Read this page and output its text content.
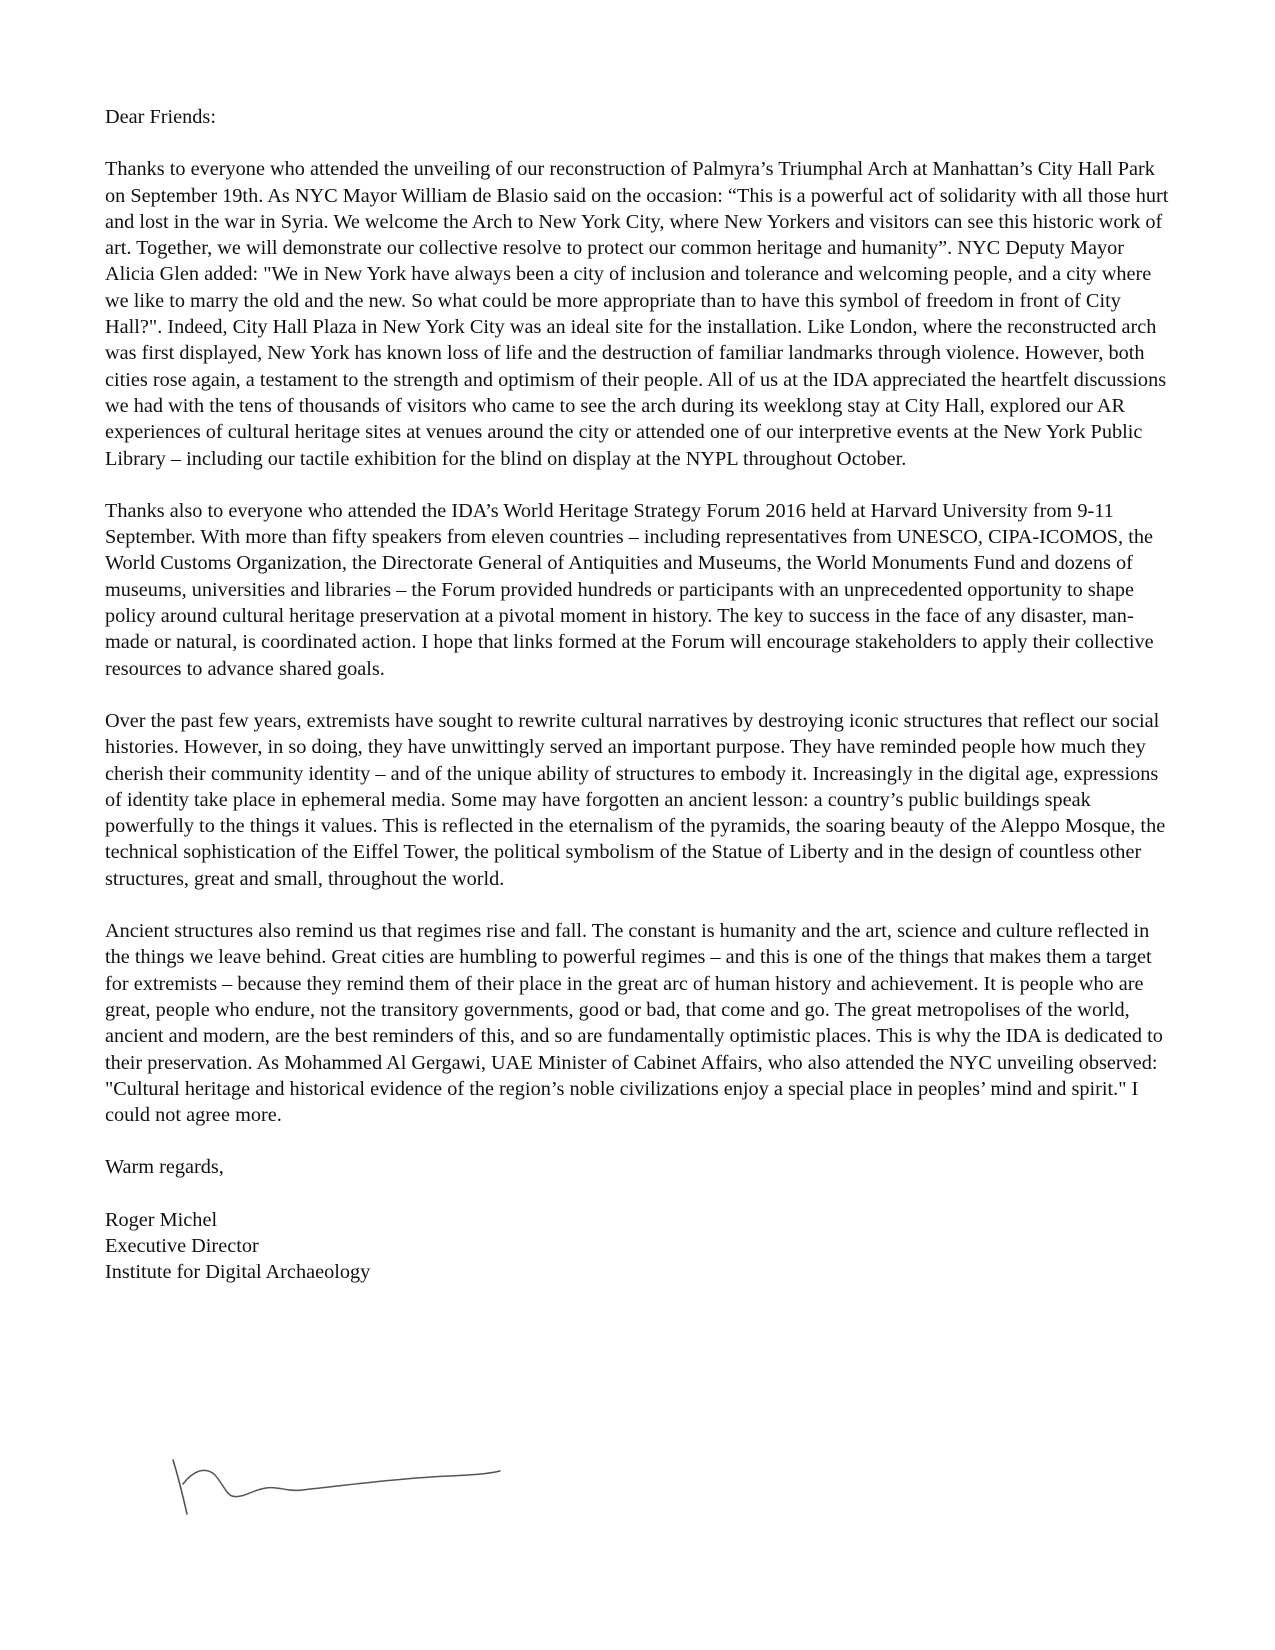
Dear Friends:

Thanks to everyone who attended the unveiling of our reconstruction of Palmyra’s Triumphal Arch at Manhattan’s City Hall Park on September 19th. As NYC Mayor William de Blasio said on the occasion: “This is a powerful act of solidarity with all those hurt and lost in the war in Syria. We welcome the Arch to New York City, where New Yorkers and visitors can see this historic work of art. Together, we will demonstrate our collective resolve to protect our common heritage and humanity”. NYC Deputy Mayor Alicia Glen added: "We in New York have always been a city of inclusion and tolerance and welcoming people, and a city where we like to marry the old and the new. So what could be more appropriate than to have this symbol of freedom in front of City Hall?". Indeed, City Hall Plaza in New York City was an ideal site for the installation. Like London, where the reconstructed arch was first displayed, New York has known loss of life and the destruction of familiar landmarks through violence. However, both cities rose again, a testament to the strength and optimism of their people. All of us at the IDA appreciated the heartfelt discussions we had with the tens of thousands of visitors who came to see the arch during its weeklong stay at City Hall, explored our AR experiences of cultural heritage sites at venues around the city or attended one of our interpretive events at the New York Public Library – including our tactile exhibition for the blind on display at the NYPL throughout October.

Thanks also to everyone who attended the IDA’s World Heritage Strategy Forum 2016 held at Harvard University from 9-11 September. With more than fifty speakers from eleven countries – including representatives from UNESCO, CIPA-ICOMOS, the World Customs Organization, the Directorate General of Antiquities and Museums, the World Monuments Fund and dozens of museums, universities and libraries – the Forum provided hundreds or participants with an unprecedented opportunity to shape policy around cultural heritage preservation at a pivotal moment in history. The key to success in the face of any disaster, man-made or natural, is coordinated action. I hope that links formed at the Forum will encourage stakeholders to apply their collective resources to advance shared goals.

Over the past few years, extremists have sought to rewrite cultural narratives by destroying iconic structures that reflect our social histories. However, in so doing, they have unwittingly served an important purpose. They have reminded people how much they cherish their community identity – and of the unique ability of structures to embody it. Increasingly in the digital age, expressions of identity take place in ephemeral media. Some may have forgotten an ancient lesson: a country’s public buildings speak powerfully to the things it values. This is reflected in the eternalism of the pyramids, the soaring beauty of the Aleppo Mosque, the technical sophistication of the Eiffel Tower, the political symbolism of the Statue of Liberty and in the design of countless other structures, great and small, throughout the world.

Ancient structures also remind us that regimes rise and fall. The constant is humanity and the art, science and culture reflected in the things we leave behind. Great cities are humbling to powerful regimes – and this is one of the things that makes them a target for extremists – because they remind them of their place in the great arc of human history and achievement. It is people who are great, people who endure, not the transitory governments, good or bad, that come and go. The great metropolises of the world, ancient and modern, are the best reminders of this, and so are fundamentally optimistic places. This is why the IDA is dedicated to their preservation. As Mohammed Al Gergawi, UAE Minister of Cabinet Affairs, who also attended the NYC unveiling observed: "Cultural heritage and historical evidence of the region’s noble civilizations enjoy a special place in peoples’ mind and spirit." I could not agree more.

Warm regards,

Roger Michel

Executive Director

Institute for Digital Archaeology
